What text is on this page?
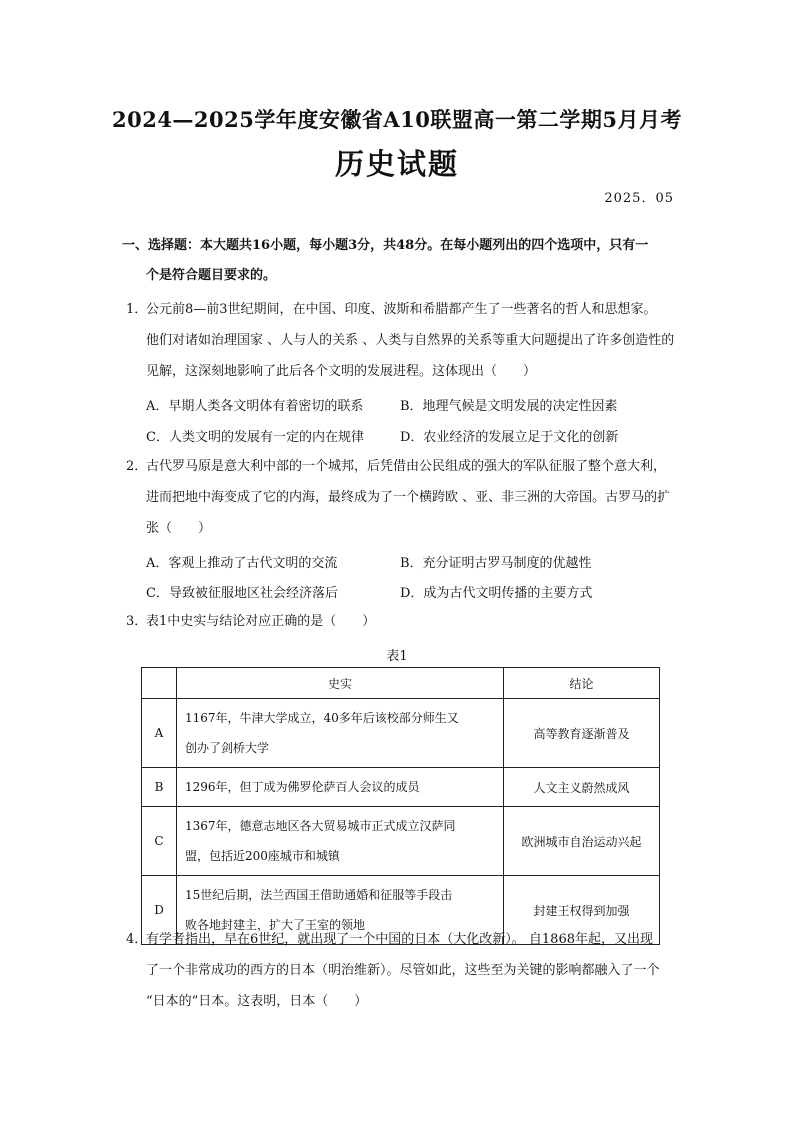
2024—2025学年度安徽省A10联盟高一第二学期5月月考
历史试题
2025．05
一、选择题：本大题共16小题，每小题3分，共48分。在每小题列出的四个选项中，只有一
个是符合题目要求的。
1．
公元前8—前3世纪期间，在中国、印度、波斯和希腊都产生了一些著名的哲人和思想家。
他们对诸如治理国家 、人与人的关系 、人类与自然界的关系等重大问题提出了许多创造性的
见解，这深刻地影响了此后各个文明的发展进程。这体现出（　　）
A．早期人类各文明体有着密切的联系	B．地理气候是文明发展的决定性因素
C．人类文明的发展有一定的内在规律	D．农业经济的发展立足于文化的创新
2．
古代罗马原是意大利中部的一个城邦，后凭借由公民组成的强大的军队征服了整个意大利，
进而把地中海变成了它的内海，最终成为了一个横跨欧 、亚、非三洲的大帝国。古罗马的扩
张（　　）
A．客观上推动了古代文明的交流	B．充分证明古罗马制度的优越性
C．导致被征服地区社会经济落后	D．成为古代文明传播的主要方式
3．
表1中史实与结论对应正确的是（　　）
表1
	史实	结论
A	1167年，牛津大学成立，40多年后该校部分师生又
创办了剑桥大学	高等教育逐渐普及
B	1296年，但丁成为佛罗伦萨百人会议的成员	人文主义蔚然成风
C	1367年，德意志地区各大贸易城市正式成立汉萨同
盟，包括近200座城市和城镇	欧洲城市自治运动兴起
D	15世纪后期，法兰西国王借助通婚和征服等手段击
败各地封建主，扩大了王室的领地	封建王权得到加强
4．
有学者指出，早在6世纪，就出现了一个中国的日本（大化改新）。 自1868年起，又出现
了一个非常成功的西方的日本（明治维新）。尽管如此，这些至为关键的影响都融入了一个
“日本的”日本。这表明，日本（　　）
